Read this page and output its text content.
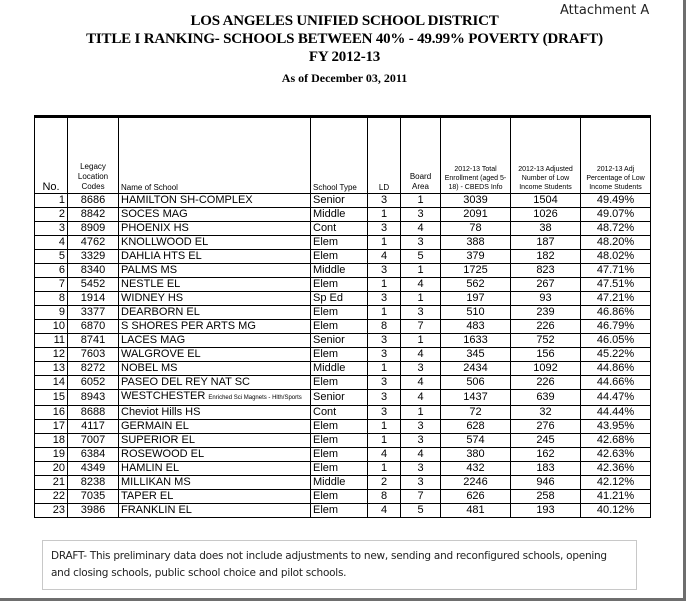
Attachment A
LOS ANGELES UNIFIED SCHOOL DISTRICT
TITLE I RANKING- SCHOOLS BETWEEN 40% - 49.99% POVERTY (DRAFT)
FY 2012-13
As of December 03, 2011
No.	Legacy Location Codes	Name of School	School Type	LD	Board Area	2012-13 Total Enrollment (aged 5-18) - CBEDS Info	2012-13 Adjusted Number of Low Income Students	2012-13 Adj Percentage of Low Income Students
1	8686	HAMILTON SH-COMPLEX	Senior	3	1	3039	1504	49.49%
2	8842	SOCES MAG	Middle	1	3	2091	1026	49.07%
3	8909	PHOENIX HS	Cont	3	4	78	38	48.72%
4	4762	KNOLLWOOD EL	Elem	1	3	388	187	48.20%
5	3329	DAHLIA HTS EL	Elem	4	5	379	182	48.02%
6	8340	PALMS MS	Middle	3	1	1725	823	47.71%
7	5452	NESTLE EL	Elem	1	4	562	267	47.51%
8	1914	WIDNEY HS	Sp Ed	3	1	197	93	47.21%
9	3377	DEARBORN EL	Elem	1	3	510	239	46.86%
10	6870	S SHORES PER ARTS MG	Elem	8	7	483	226	46.79%
11	8741	LACES MAG	Senior	3	1	1633	752	46.05%
12	7603	WALGROVE EL	Elem	3	4	345	156	45.22%
13	8272	NOBEL MS	Middle	1	3	2434	1092	44.86%
14	6052	PASEO DEL REY NAT SC	Elem	3	4	506	226	44.66%
15	8943	WESTCHESTER Enriched Sci Magnets - Hlth/Sports	Senior	3	4	1437	639	44.47%
16	8688	Cheviot Hills HS	Cont	3	1	72	32	44.44%
17	4117	GERMAIN EL	Elem	1	3	628	276	43.95%
18	7007	SUPERIOR EL	Elem	1	3	574	245	42.68%
19	6384	ROSEWOOD EL	Elem	4	4	380	162	42.63%
20	4349	HAMLIN EL	Elem	1	3	432	183	42.36%
21	8238	MILLIKAN MS	Middle	2	3	2246	946	42.12%
22	7035	TAPER EL	Elem	8	7	626	258	41.21%
23	3986	FRANKLIN EL	Elem	4	5	481	193	40.12%
DRAFT- This preliminary data does not include adjustments to new, sending and reconfigured schools, opening and closing schools, public school choice and pilot schools.
